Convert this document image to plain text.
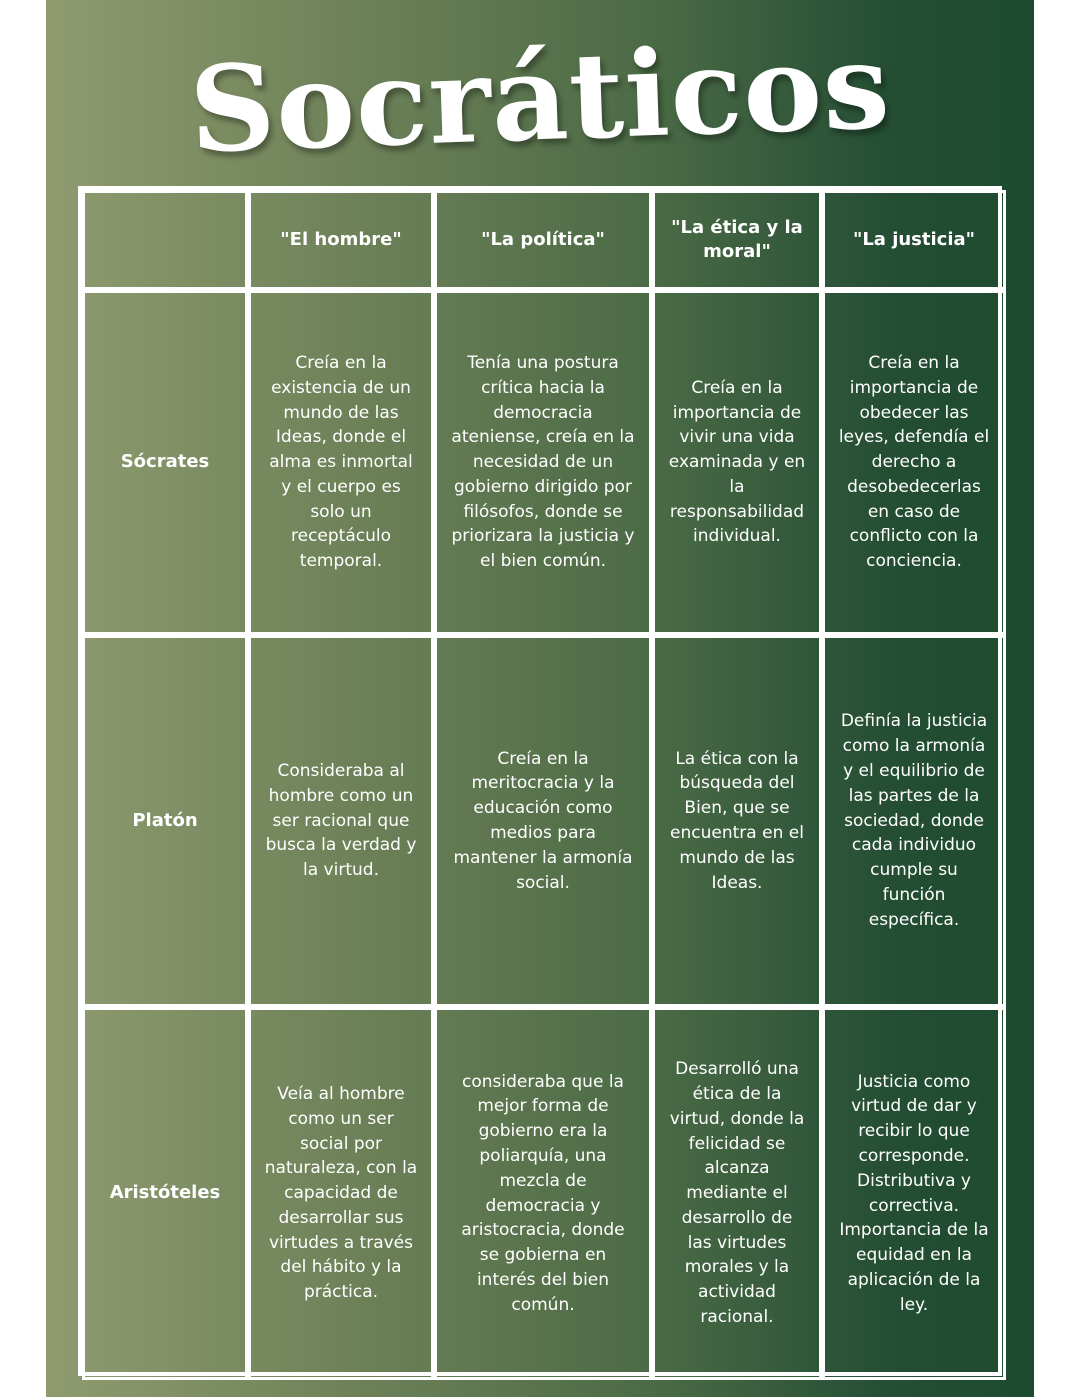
Socráticos
"El hombre"	"La política"
"La ética y la moral"
"La justicia"
Sócrates
Creía en la existencia de un mundo de las Ideas, donde el alma es inmortal y el cuerpo es solo un receptáculo temporal.
Tenía una postura crítica hacia la democracia ateniense, creía en la necesidad de un gobierno dirigido por filósofos, donde se priorizara la justicia y el bien común.
Creía en la importancia de vivir una vida examinada y en la responsabilidad individual.
Creía en la importancia de obedecer las leyes, defendía el derecho a desobedecerlas en caso de conflicto con la conciencia.
Platón
Consideraba al hombre como un ser racional que busca la verdad y la virtud.
Creía en la meritocracia y la educación como medios para mantener la armonía social.
La ética con la búsqueda del Bien, que se encuentra en el mundo de las Ideas.
Definía la justicia como la armonía y el equilibrio de las partes de la sociedad, donde cada individuo cumple su función específica.
Aristóteles
Veía al hombre como un ser social por naturaleza, con la capacidad de desarrollar sus virtudes a través del hábito y la práctica.
consideraba que la mejor forma de gobierno era la poliarquía, una mezcla de democracia y aristocracia, donde se gobierna en interés del bien común.
Desarrolló una ética de la virtud, donde la felicidad se alcanza mediante el desarrollo de las virtudes morales y la actividad racional.
Justicia como virtud de dar y recibir lo que corresponde. Distributiva y correctiva. Importancia de la equidad en la aplicación de la ley.
